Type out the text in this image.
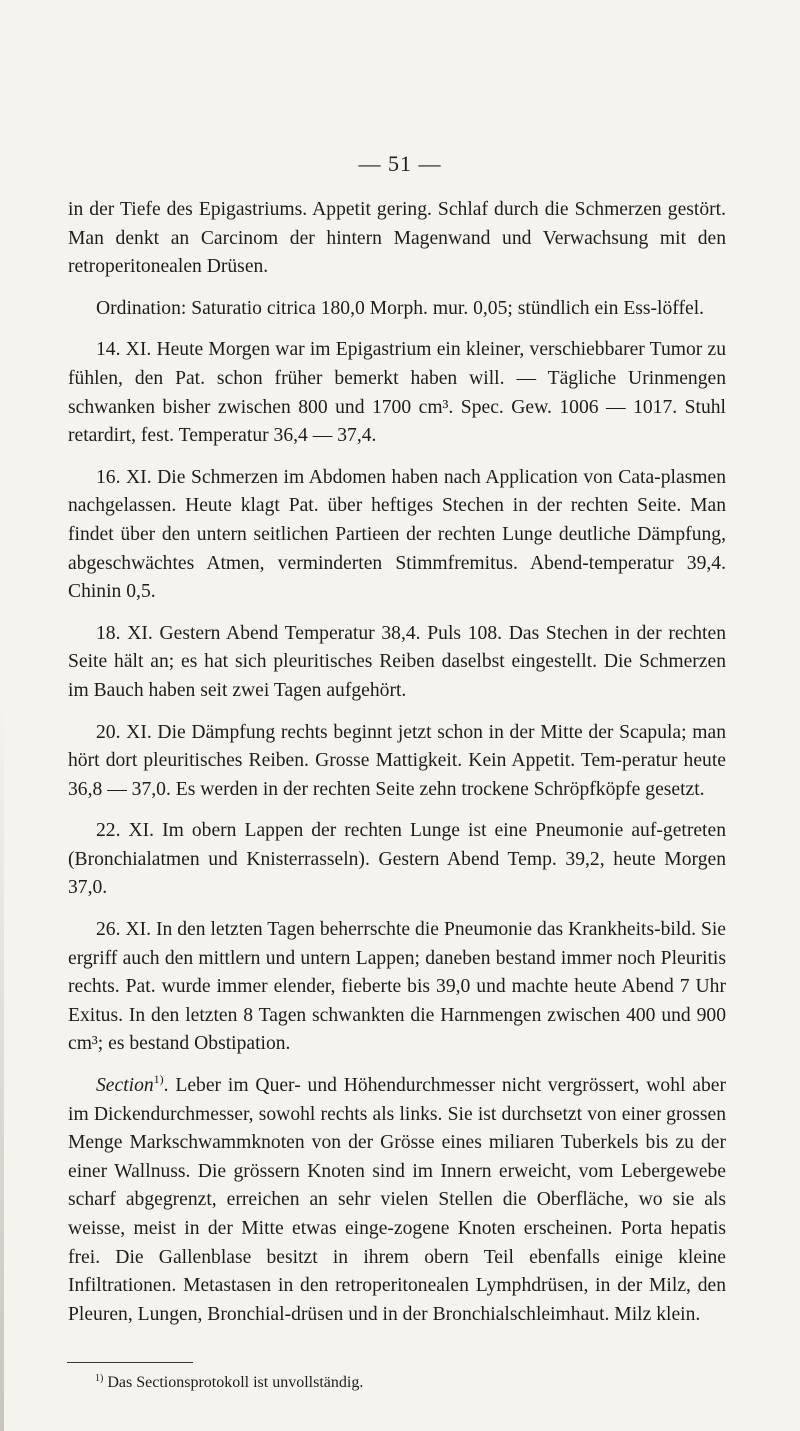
— 51 —

in der Tiefe des Epigastriums. Appetit gering. Schlaf durch die Schmerzen gestört. Man denkt an Carcinom der hintern Magenwand und Verwachsung mit den retroperitonealen Drüsen.

Ordination: Saturatio citrica 180,0 Morph. mur. 0,05; stündlich ein Ess-löffel.

14. XI. Heute Morgen war im Epigastrium ein kleiner, verschiebbarer Tumor zu fühlen, den Pat. schon früher bemerkt haben will. — Tägliche Urinmengen schwanken bisher zwischen 800 und 1700 cm³. Spec. Gew. 1006 — 1017. Stuhl retardirt, fest. Temperatur 36,4 — 37,4.

16. XI. Die Schmerzen im Abdomen haben nach Application von Cata-plasmen nachgelassen. Heute klagt Pat. über heftiges Stechen in der rechten Seite. Man findet über den untern seitlichen Partieen der rechten Lunge deutliche Dämpfung, abgeschwächtes Atmen, verminderten Stimmfremitus. Abend-temperatur 39,4. Chinin 0,5.

18. XI. Gestern Abend Temperatur 38,4. Puls 108. Das Stechen in der rechten Seite hält an; es hat sich pleuritisches Reiben daselbst eingestellt. Die Schmerzen im Bauch haben seit zwei Tagen aufgehört.

20. XI. Die Dämpfung rechts beginnt jetzt schon in der Mitte der Scapula; man hört dort pleuritisches Reiben. Grosse Mattigkeit. Kein Appetit. Tem-peratur heute 36,8 — 37,0. Es werden in der rechten Seite zehn trockene Schröpfköpfe gesetzt.

22. XI. Im obern Lappen der rechten Lunge ist eine Pneumonie auf-getreten (Bronchialatmen und Knisterrasseln). Gestern Abend Temp. 39,2, heute Morgen 37,0.

26. XI. In den letzten Tagen beherrschte die Pneumonie das Krankheits-bild. Sie ergriff auch den mittlern und untern Lappen; daneben bestand immer noch Pleuritis rechts. Pat. wurde immer elender, fieberte bis 39,0 und machte heute Abend 7 Uhr Exitus. In den letzten 8 Tagen schwankten die Harnmengen zwischen 400 und 900 cm³; es bestand Obstipation.

Section$^{1)}$. Leber im Quer- und Höhendurchmesser nicht vergrössert, wohl aber im Dickendurchmesser, sowohl rechts als links. Sie ist durchsetzt von einer grossen Menge Markschwammknoten von der Grösse eines miliaren Tuberkels bis zu der einer Wallnuss. Die grössern Knoten sind im Innern erweicht, vom Lebergewebe scharf abgegrenzt, erreichen an sehr vielen Stellen die Oberfläche, wo sie als weisse, meist in der Mitte etwas einge-zogene Knoten erscheinen. Porta hepatis frei. Die Gallenblase besitzt in ihrem obern Teil ebenfalls einige kleine Infiltrationen. Metastasen in den retroperitonealen Lymphdrüsen, in der Milz, den Pleuren, Lungen, Bronchial-drüsen und in der Bronchialschleimhaut. Milz klein.

$^{1)}$ Das Sectionsprotokoll ist unvollständig.
